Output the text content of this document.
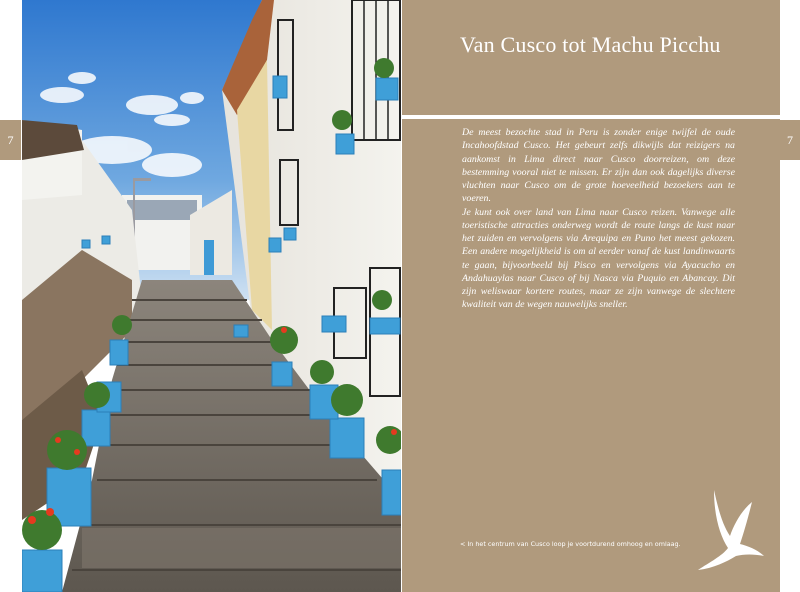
7
Van Cusco tot Machu Picchu

De meest bezochte stad in Peru is zonder enige twijfel de oude Incahoofdstad Cusco. Het gebeurt zelfs dikwijls dat reizigers na aankomst in Lima direct naar Cusco doorreizen, om deze bestemming vooral niet te missen. Er zijn dan ook dagelijks diverse vluchten naar Cusco om de grote hoeveelheid bezoekers aan te voeren.

Je kunt ook over land van Lima naar Cusco reizen. Vanwege alle toeristische attracties onderweg wordt de route langs de kust naar het zuiden en vervolgens via Arequipa en Puno het meest gekozen. Een andere mogelijkheid is om al eerder vanaf de kust landinwaarts te gaan, bijvoorbeeld bij Pisco en vervolgens via Ayacucho en Andahuaylas naar Cusco of bij Nasca via Puquio en Abancay. Dit zijn weliswaar kortere routes, maar ze zijn vanwege de slechtere kwaliteit van de wegen nauwelijks sneller.

< In het centrum van Cusco loop je voortdurend omhoog en omlaag.

7
